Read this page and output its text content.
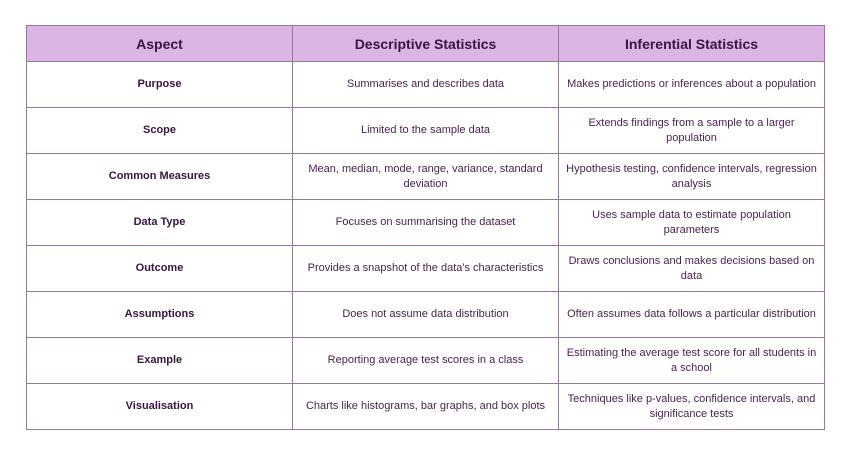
Aspect	Descriptive Statistics	Inferential Statistics
Purpose	Summarises and describes data	Makes predictions or inferences about a population
Scope	Limited to the sample data	Extends findings from a sample to a larger population
Common Measures	Mean, median, mode, range, variance, standard deviation	Hypothesis testing, confidence intervals, regression analysis
Data Type	Focuses on summarising the dataset	Uses sample data to estimate population parameters
Outcome	Provides a snapshot of the data's characteristics	Draws conclusions and makes decisions based on data
Assumptions	Does not assume data distribution	Often assumes data follows a particular distribution
Example	Reporting average test scores in a class	Estimating the average test score for all students in a school
Visualisation	Charts like histograms, bar graphs, and box plots	Techniques like p-values, confidence intervals, and significance tests
